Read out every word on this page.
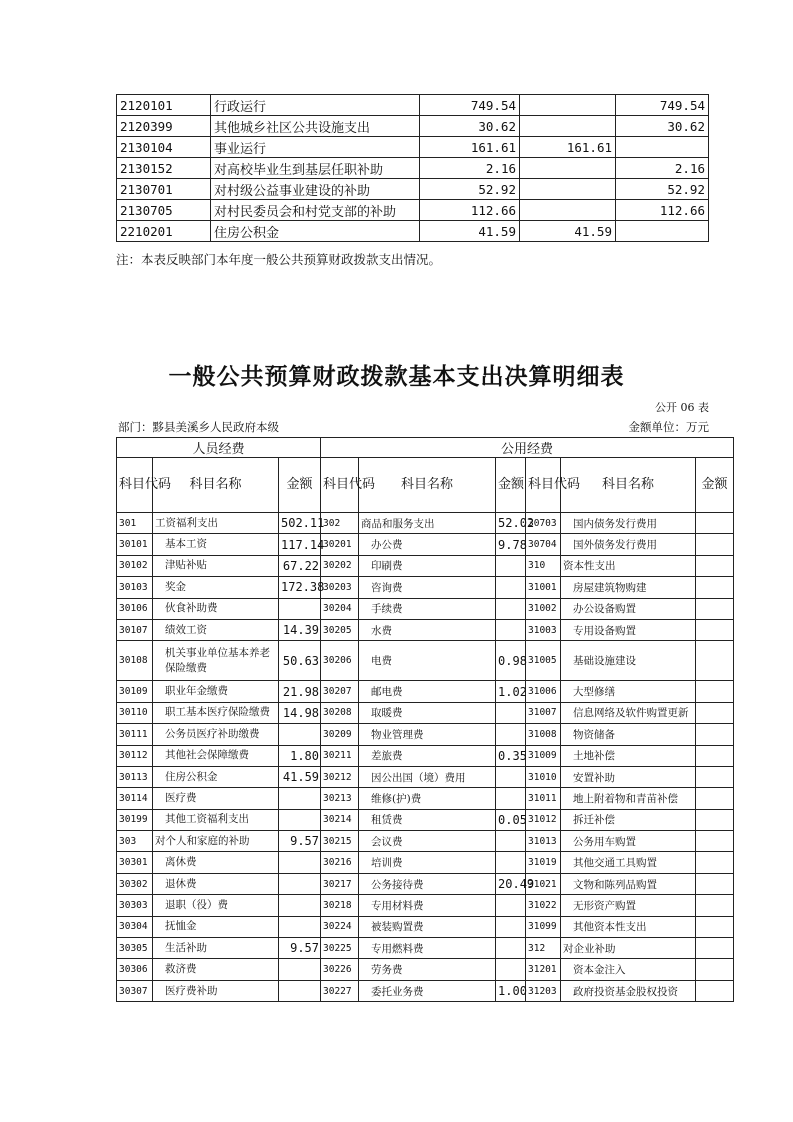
2120101	行政运行	749.54		749.54
2120399	其他城乡社区公共设施支出	30.62		30.62
2130104	事业运行	161.61	161.61	
2130152	对高校毕业生到基层任职补助	2.16		2.16
2130701	对村级公益事业建设的补助	52.92		52.92
2130705	对村民委员会和村党支部的补助	112.66		112.66
2210201	住房公积金	41.59	41.59	
注：本表反映部门本年度一般公共预算财政拨款支出情况。
一般公共预算财政拨款基本支出决算明细表
公开 06 表
部门：黟县美溪乡人民政府本级	金额单位：万元
人员经费			公用经费					
科目代码	科目名称	金额	科目代码	科目名称	金额	科目代码	科目名称	金额
301	工资福利支出	502.11	302	商品和服务支出	52.02	30703	国内债务发行费用	
30101	基本工资	117.14	30201	办公费	9.78	30704	国外债务发行费用	
30102	津贴补贴	67.22	30202	印刷费		310	资本性支出	
30103	奖金	172.38	30203	咨询费		31001	房屋建筑物购建	
30106	伙食补助费		30204	手续费		31002	办公设备购置	
30107	绩效工资	14.39	30205	水费		31003	专用设备购置	
30108	机关事业单位基本养老保险缴费	50.63	30206	电费	0.98	31005	基础设施建设	
30109	职业年金缴费	21.98	30207	邮电费	1.02	31006	大型修缮	
30110	职工基本医疗保险缴费	14.98	30208	取暖费		31007	信息网络及软件购置更新	
30111	公务员医疗补助缴费		30209	物业管理费		31008	物资储备	
30112	其他社会保障缴费	1.80	30211	差旅费	0.35	31009	土地补偿	
30113	住房公积金	41.59	30212	因公出国（境）费用		31010	安置补助	
30114	医疗费		30213	维修(护)费		31011	地上附着物和青苗补偿	
30199	其他工资福利支出		30214	租赁费	0.05	31012	拆迁补偿	
303	对个人和家庭的补助	9.57	30215	会议费		31013	公务用车购置	
30301	离休费		30216	培训费		31019	其他交通工具购置	
30302	退休费		30217	公务接待费	20.49	31021	文物和陈列品购置	
30303	退职（役）费		30218	专用材料费		31022	无形资产购置	
30304	抚恤金		30224	被装购置费		31099	其他资本性支出	
30305	生活补助	9.57	30225	专用燃料费		312	对企业补助	
30306	救济费		30226	劳务费		31201	资本金注入	
30307	医疗费补助		30227	委托业务费	1.00	31203	政府投资基金股权投资	
